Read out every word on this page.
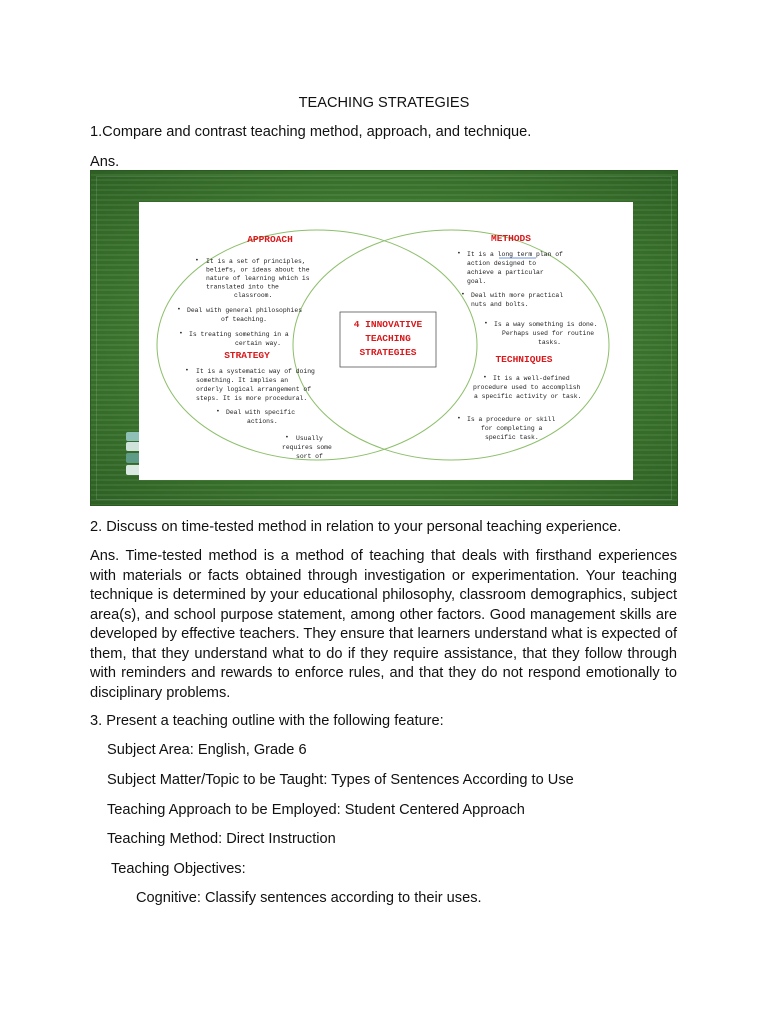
TEACHING STRATEGIES

1.Compare and contrast teaching method, approach, and technique.

Ans.

4 INNOVATIVE
TEACHING
STRATEGIES
APPROACH
• It is a set of principles,
beliefs, or ideas about the
nature of learning which is
translated into the
classroom.
• Deal with general philosophies
of teaching.
• Is treating something in a
certain way.
STRATEGY
• It is a systematic way of doing
something. It implies an
orderly logical arrangement of
steps. It is more procedural.
• Deal with specific
actions.
• Usually
requires some
sort of
METHODS
• It is a long term plan of
action designed to
achieve a particular
goal.
• Deal with more practical
nuts and bolts.
• Is a way something is done.
Perhaps used for routine
tasks.
TECHNIQUES
• It is a well-defined
procedure used to accomplish
a specific activity or task.
• Is a procedure or skill
for completing a
specific task.

2. Discuss on time-tested method in relation to your personal teaching experience.

Ans. Time-tested method is a method of teaching that deals with firsthand experiences with materials or facts obtained through investigation or experimentation. Your teaching technique is determined by your educational philosophy, classroom demographics, subject area(s), and school purpose statement, among other factors. Good management skills are developed by effective teachers. They ensure that learners understand what is expected of them, that they understand what to do if they require assistance, that they follow through with reminders and rewards to enforce rules, and that they do not respond emotionally to disciplinary problems.

3. Present a teaching outline with the following feature:

Subject Area: English, Grade 6

Subject Matter/Topic to be Taught: Types of Sentences According to Use

Teaching Approach to be Employed: Student Centered Approach

Teaching Method: Direct Instruction

Teaching Objectives:

Cognitive: Classify sentences according to their uses.
